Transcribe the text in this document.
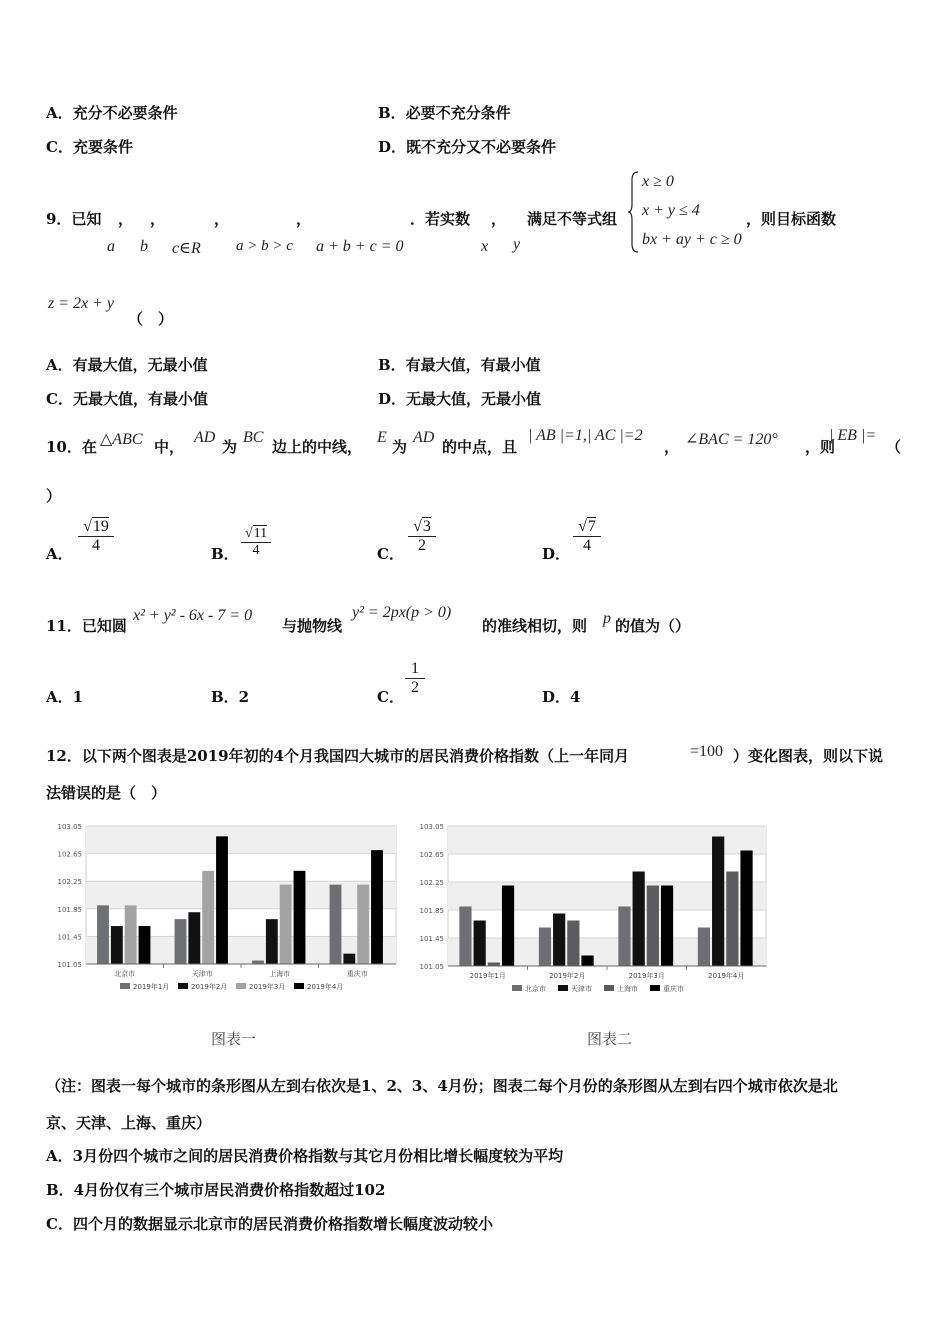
A．充分不必要条件	B．必要不充分条件
C．充要条件	D．既不充分又不必要条件
9．已知 ， ，	，	，	．若实数 ， 满足不等式组	，则目标函数
a b c∈R a > b > c a + b + c = 0	x y
x ≥ 0
x + y ≤ 4
bx + ay + c ≥ 0
z = 2x + y
（　）
A．有最大值，无最小值	B．有最大值，有最小值
C．无最大值，有最小值	D．无最大值，无最小值
10．在 △ABC 中，
AD
为
BC
边上的中线，
E
为
AD
的中点，且
| AB |=1,| AC |=2
， ∠BAC = 120° ，则
| EB |=
（
）
A． $\frac{√19}{4}$	B． $\frac{√11}{4}$	C． $\frac{√3}{2}$	D． $\frac{√7}{4}$
11．已知圆
x² + y² - 6x - 7 = 0
与抛物线
y² = 2px(p > 0)
的准线相切，则 p 的值为（）
A．1	B．2	C． $\frac{1}{2}$	D．4
12．以下两个图表是2019年初的4个月我国四大城市的居民消费价格指数（上一年同月	=100 ）变化图表，则以下说
法错误的是（　）
103.05
102.65
102.25
101.85
101.45
101.05
北京市	天津市	上海市	重庆市
2019年1月	2019年2月	2019年3月	2019年4月
图表一
103.05
102.65
102.25
101.85
101.45
101.05
2019年1月	2019年2月	2019年3月	2019年4月
北京市	天津市	上海市	重庆市
图表二
（注：图表一每个城市的条形图从左到右依次是1、2、3、4月份；图表二每个月份的条形图从左到右四个城市依次是北
京、天津、上海、重庆）
A．3月份四个城市之间的居民消费价格指数与其它月份相比增长幅度较为平均
B．4月份仅有三个城市居民消费价格指数超过102
C．四个月的数据显示北京市的居民消费价格指数增长幅度波动较小
